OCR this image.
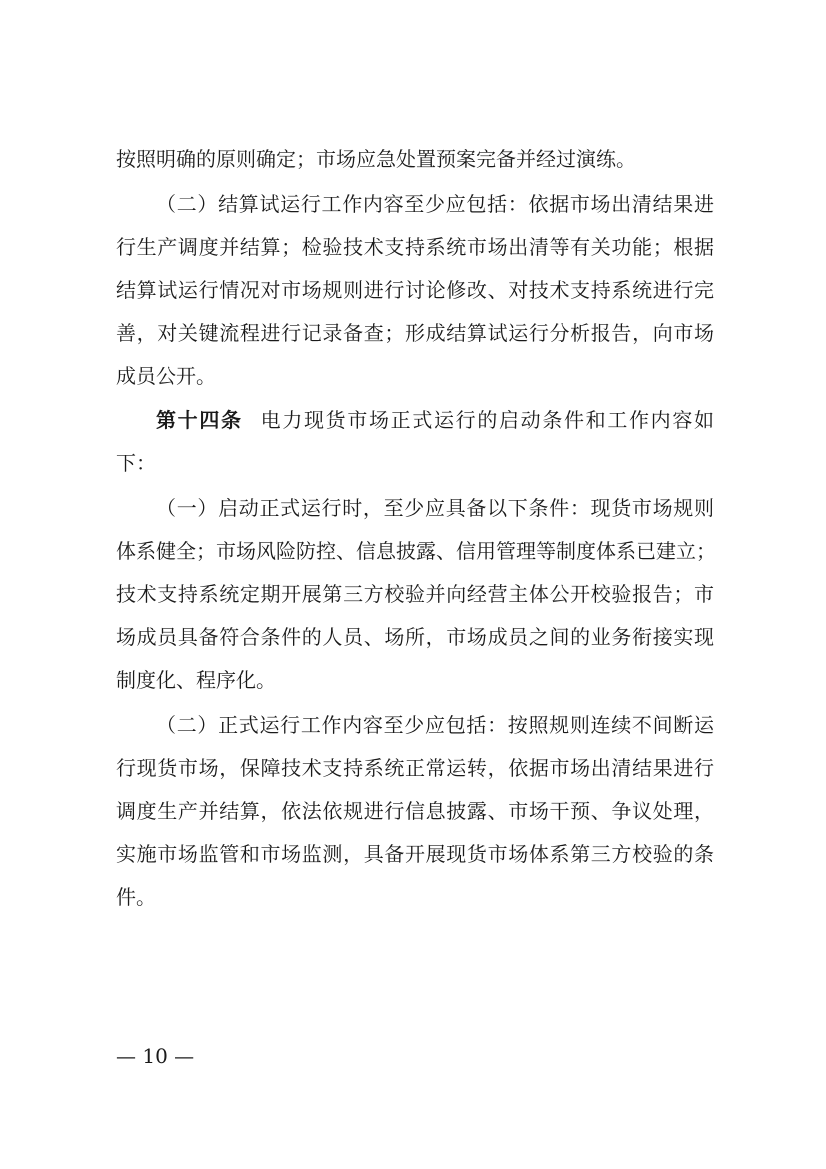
按照明确的原则确定；市场应急处置预案完备并经过演练。
（二）结算试运行工作内容至少应包括：依据市场出清结果进
行生产调度并结算；检验技术支持系统市场出清等有关功能；根据
结算试运行情况对市场规则进行讨论修改、对技术支持系统进行完
善，对关键流程进行记录备查；形成结算试运行分析报告，向市场
成员公开。
第十四条 电力现货市场正式运行的启动条件和工作内容如
下：
（一）启动正式运行时，至少应具备以下条件：现货市场规则
体系健全；市场风险防控、信息披露、信用管理等制度体系已建立；
技术支持系统定期开展第三方校验并向经营主体公开校验报告；市
场成员具备符合条件的人员、场所，市场成员之间的业务衔接实现
制度化、程序化。
（二）正式运行工作内容至少应包括：按照规则连续不间断运
行现货市场，保障技术支持系统正常运转，依据市场出清结果进行
调度生产并结算，依法依规进行信息披露、市场干预、争议处理，
实施市场监管和市场监测，具备开展现货市场体系第三方校验的条
件。
— 10 —
